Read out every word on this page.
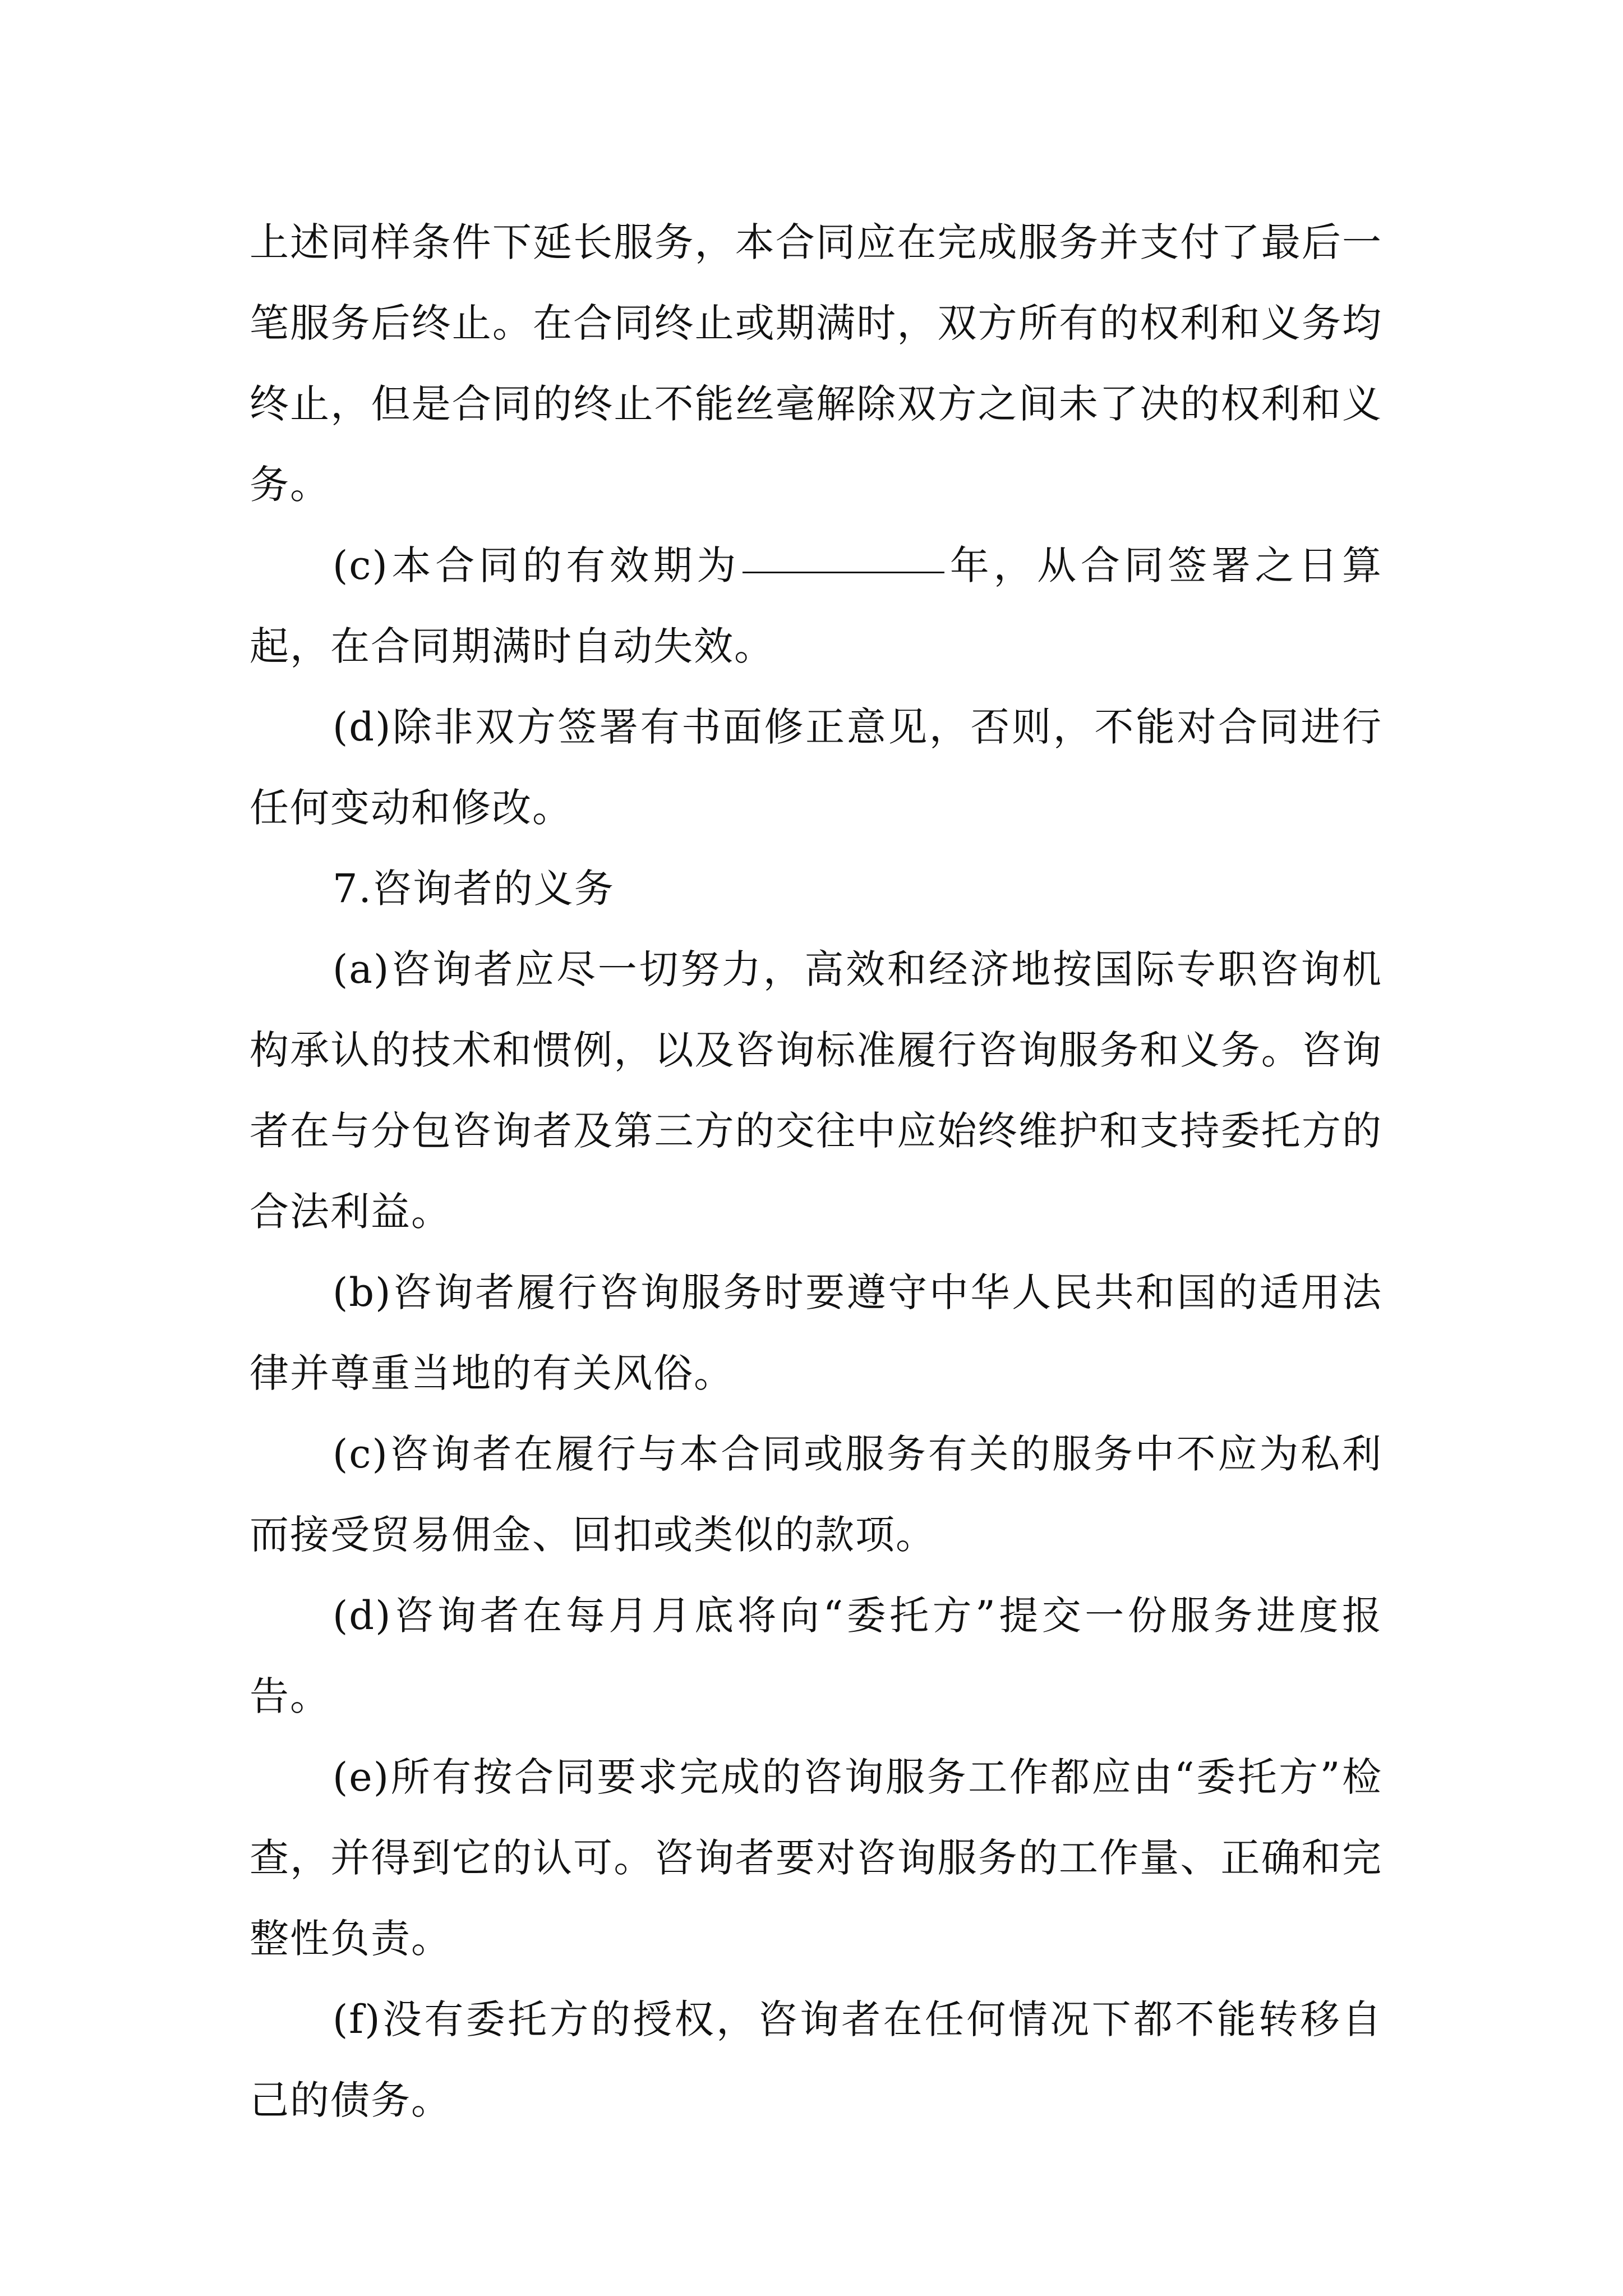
上述同样条件下延长服务，本合同应在完成服务并支付了最后一笔服务后终止。在合同终止或期满时，双方所有的权利和义务均终止，但是合同的终止不能丝毫解除双方之间未了决的权利和义务。

(c)本合同的有效期为	年，从合同签署之日算起，在合同期满时自动失效。

(d)除非双方签署有书面修正意见，否则，不能对合同进行任何变动和修改。

7.咨询者的义务

(a)咨询者应尽一切努力，高效和经济地按国际专职咨询机构承认的技术和惯例，以及咨询标准履行咨询服务和义务。咨询者在与分包咨询者及第三方的交往中应始终维护和支持委托方的合法利益。

(b)咨询者履行咨询服务时要遵守中华人民共和国的适用法律并尊重当地的有关风俗。

(c)咨询者在履行与本合同或服务有关的服务中不应为私利而接受贸易佣金、回扣或类似的款项。

(d)咨询者在每月月底将向“委托方”提交一份服务进度报告。

(e)所有按合同要求完成的咨询服务工作都应由“委托方”检查，并得到它的认可。咨询者要对咨询服务的工作量、正确和完整性负责。

(f)没有委托方的授权，咨询者在任何情况下都不能转移自己的债务。
